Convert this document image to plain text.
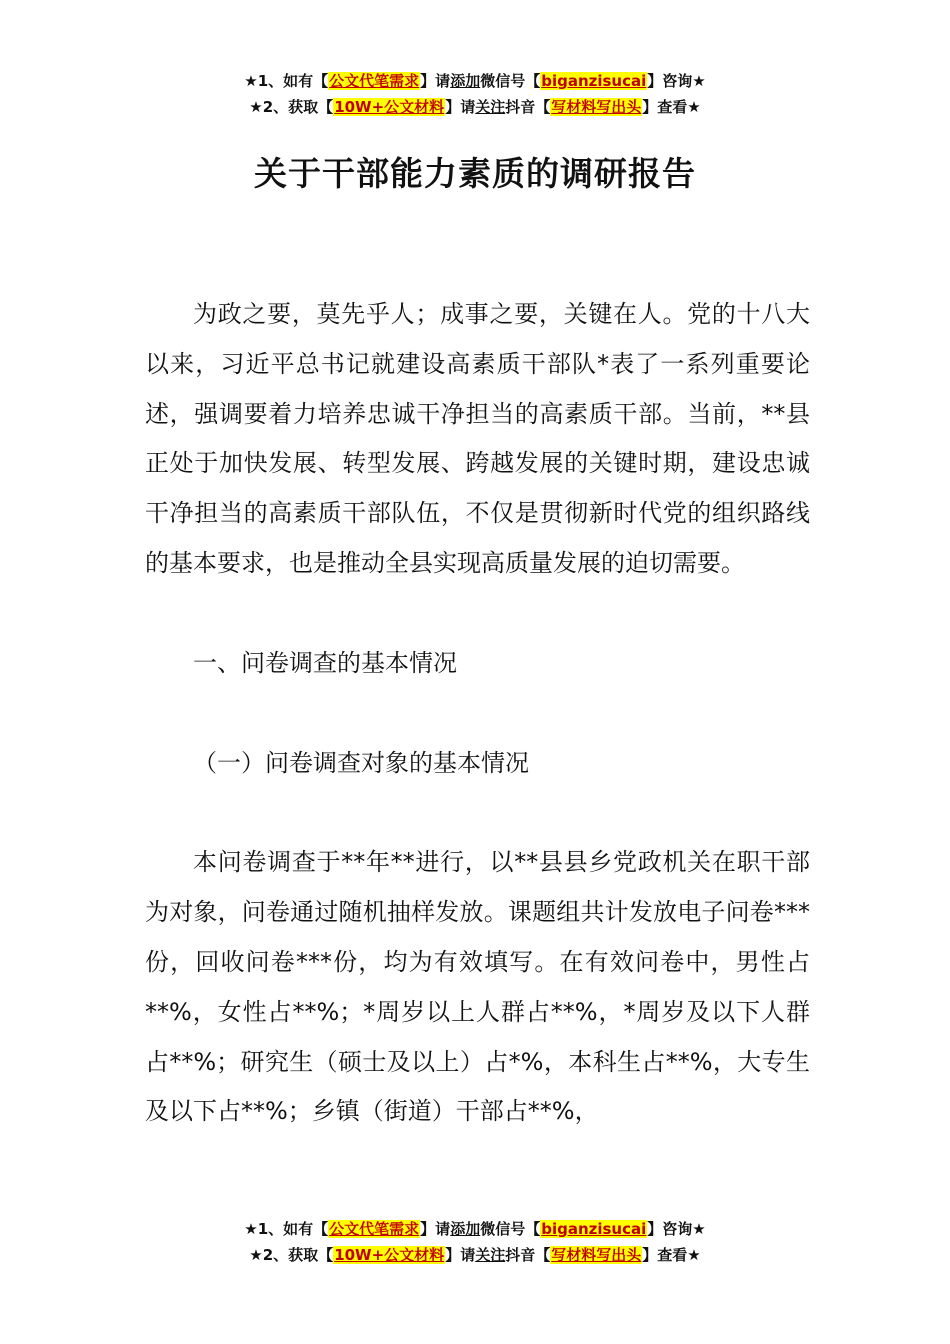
★1、如有【公文代笔需求】请添加微信号【biganzisucai】咨询★
★2、获取【10W+公文材料】请关注抖音【写材料写出头】查看★
关于干部能力素质的调研报告

为政之要，莫先乎人；成事之要，关键在人。党的十八大以来，习近平总书记就建设高素质干部队*表了一系列重要论述，强调要着力培养忠诚干净担当的高素质干部。当前，**县正处于加快发展、转型发展、跨越发展的关键时期，建设忠诚干净担当的高素质干部队伍，不仅是贯彻新时代党的组织路线的基本要求，也是推动全县实现高质量发展的迫切需要。

一、问卷调查的基本情况

（一）问卷调查对象的基本情况

本问卷调查于**年**进行，以**县县乡党政机关在职干部为对象，问卷通过随机抽样发放。课题组共计发放电子问卷***份，回收问卷***份，均为有效填写。在有效问卷中，男性占**%，女性占**%；*周岁以上人群占**%，*周岁及以下人群占**%；研究生（硕士及以上）占*%，本科生占**%，大专生及以下占**%；乡镇（街道）干部占**%，

★1、如有【公文代笔需求】请添加微信号【biganzisucai】咨询★
★2、获取【10W+公文材料】请关注抖音【写材料写出头】查看★
